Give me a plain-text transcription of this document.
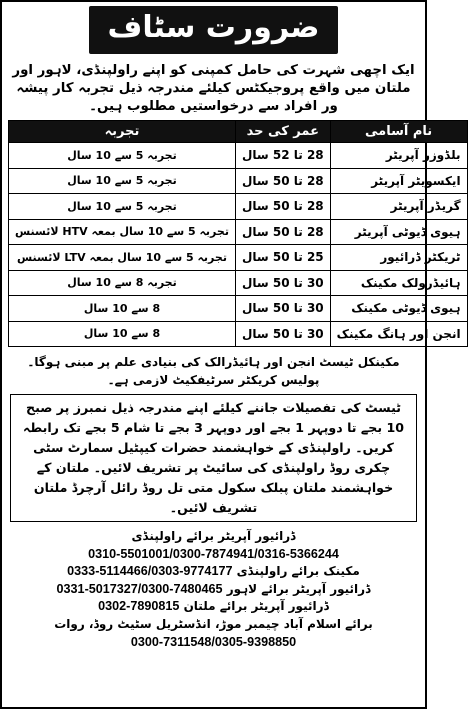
ضرورت سٹاف

ایک اچھی شہرت کی حامل کمپنی کو اپنے راولپنڈی، لاہور اور ملتان میں واقع پروجیکٹس کیلئے مندرجہ ذیل تجربہ کار پیشہ ور افراد سے درخواستیں مطلوب ہیں۔

نام آسامی	عمر کی حد	تجربہ
بلڈوزر آپریٹر	28 تا 52 سال	تجربہ 5 سے 10 سال
ایکسویٹر آپریٹر	28 تا 50 سال	تجربہ 5 سے 10 سال
گریڈر آپریٹر	28 تا 50 سال	تجربہ 5 سے 10 سال
ہیوی ڈیوٹی آپریٹر	28 تا 50 سال	تجربہ 5 سے 10 سال بمعہ HTV لائسنس
ٹریکٹر ڈرائیور	25 تا 50 سال	تجربہ 5 سے 10 سال بمعہ LTV لائسنس
ہائیڈرولک مکینک	30 تا 50 سال	تجربہ 8 سے 10 سال
ہیوی ڈیوٹی مکینک	30 تا 50 سال	8 سے 10 سال
انجن اور ہانگ مکینک	30 تا 50 سال	8 سے 10 سال

مکینکل ٹیسٹ انجن اور ہائیڈرالک کی بنیادی علم پر مبنی ہوگا۔ پولیس کریکٹر سرٹیفکیٹ لازمی ہے۔

ٹیسٹ کی تفصیلات جاننے کیلئے اپنے مندرجہ ذیل نمبرز پر صبح 10 بجے تا دوپہر 1 بجے اور دوپہر 3 بجے تا شام 5 بجے تک رابطہ کریں۔ راولپنڈی کے خواہشمند حضرات کیپٹیل سمارٹ سٹی چکری روڈ راولپنڈی کی سائیٹ پر تشریف لائیں۔ ملتان کے خواہشمند ملتان پبلک سکول متی تل روڈ رائل آرچرڈ ملتان تشریف لائیں۔
ڈرائیور آپریٹر برائے راولپنڈی
0310-5501001/0300-7874941/0316-5366244
مکینک برائے راولپنڈی 0333-5114466/0303-9774177
ڈرائیور آپریٹر برائے لاہور 0331-5017327/0300-7480465
ڈرائیور آپریٹر برائے ملتان 0302-7890815
برائے اسلام آباد چیمبر موڑ، انڈسٹریل سٹیٹ روڈ، روات
0300-7311548/0305-9398850
